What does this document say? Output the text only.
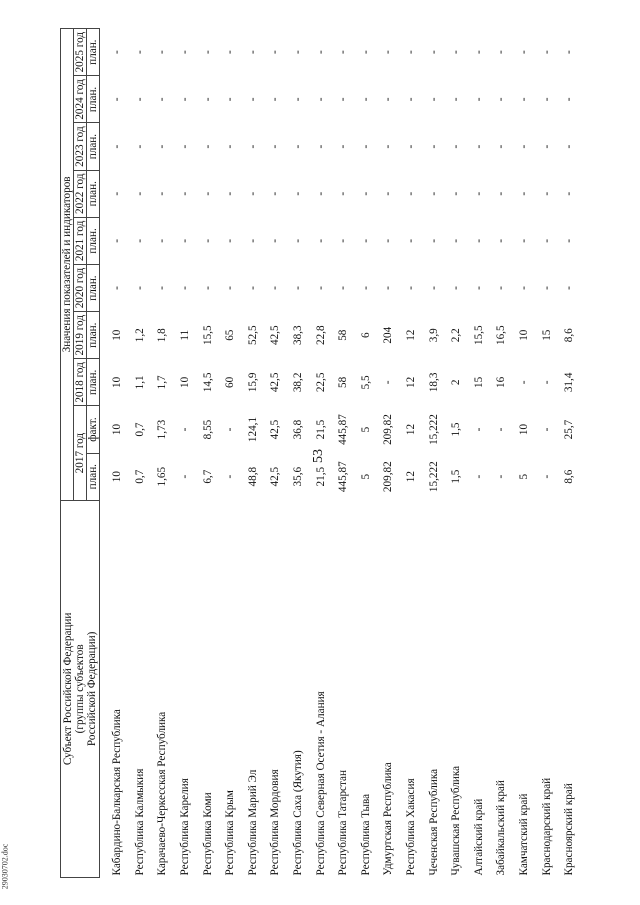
53
29030702.doc
Субъект Российской Федерации (группы субъектов Российской Федерации)	Значения показателей и индикаторов									
	2017 год		2018 год	2019 год	2020 год	2021 год	2022 год	2023 год	2024 год	2025 год
	план.	факт.	план.	план.	план.	план.	план.	план.	план.	план.
Кабардино-Балкарская Республика	10	10	10	10	-	-	-	-	-	-
Республика Калмыкия	0,7	0,7	1,1	1,2	-	-	-	-	-	-
Карачаево-Черкесская Республика	1,65	1,73	1,7	1,8	-	-	-	-	-	-
Республика Карелия	-	-	10	11	-	-	-	-	-	-
Республика Коми	6,7	8,55	14,5	15,5	-	-	-	-	-	-
Республика Крым	-	-	60	65	-	-	-	-	-	-
Республика Марий Эл	48,8	124,1	15,9	52,5	-	-	-	-	-	-
Республика Мордовия	42,5	42,5	42,5	42,5	-	-	-	-	-	-
Республика Саха (Якутия)	35,6	36,8	38,2	38,3	-	-	-	-	-	-
Республика Северная Осетия - Алания	21,5	21,5	22,5	22,8	-	-	-	-	-	-
Республика Татарстан	445,87	445,87	58	58	-	-	-	-	-	-
Республика Тыва	5	5	5,5	6	-	-	-	-	-	-
Удмуртская Республика	209,82	209,82	-	204	-	-	-	-	-	-
Республика Хакасия	12	12	12	12	-	-	-	-	-	-
Чеченская Республика	15,222	15,222	18,3	3,9	-	-	-	-	-	-
Чувашская Республика	1,5	1,5	2	2,2	-	-	-	-	-	-
Алтайский край	-	-	15	15,5	-	-	-	-	-	-
Забайкальский край	-	-	16	16,5	-	-	-	-	-	-
Камчатский край	5	10	-	10	-	-	-	-	-	-
Краснодарский край	-	-	-	15	-	-	-	-	-	-
Красноярский край	8,6	25,7	31,4	8,6	-	-	-	-	-	-
